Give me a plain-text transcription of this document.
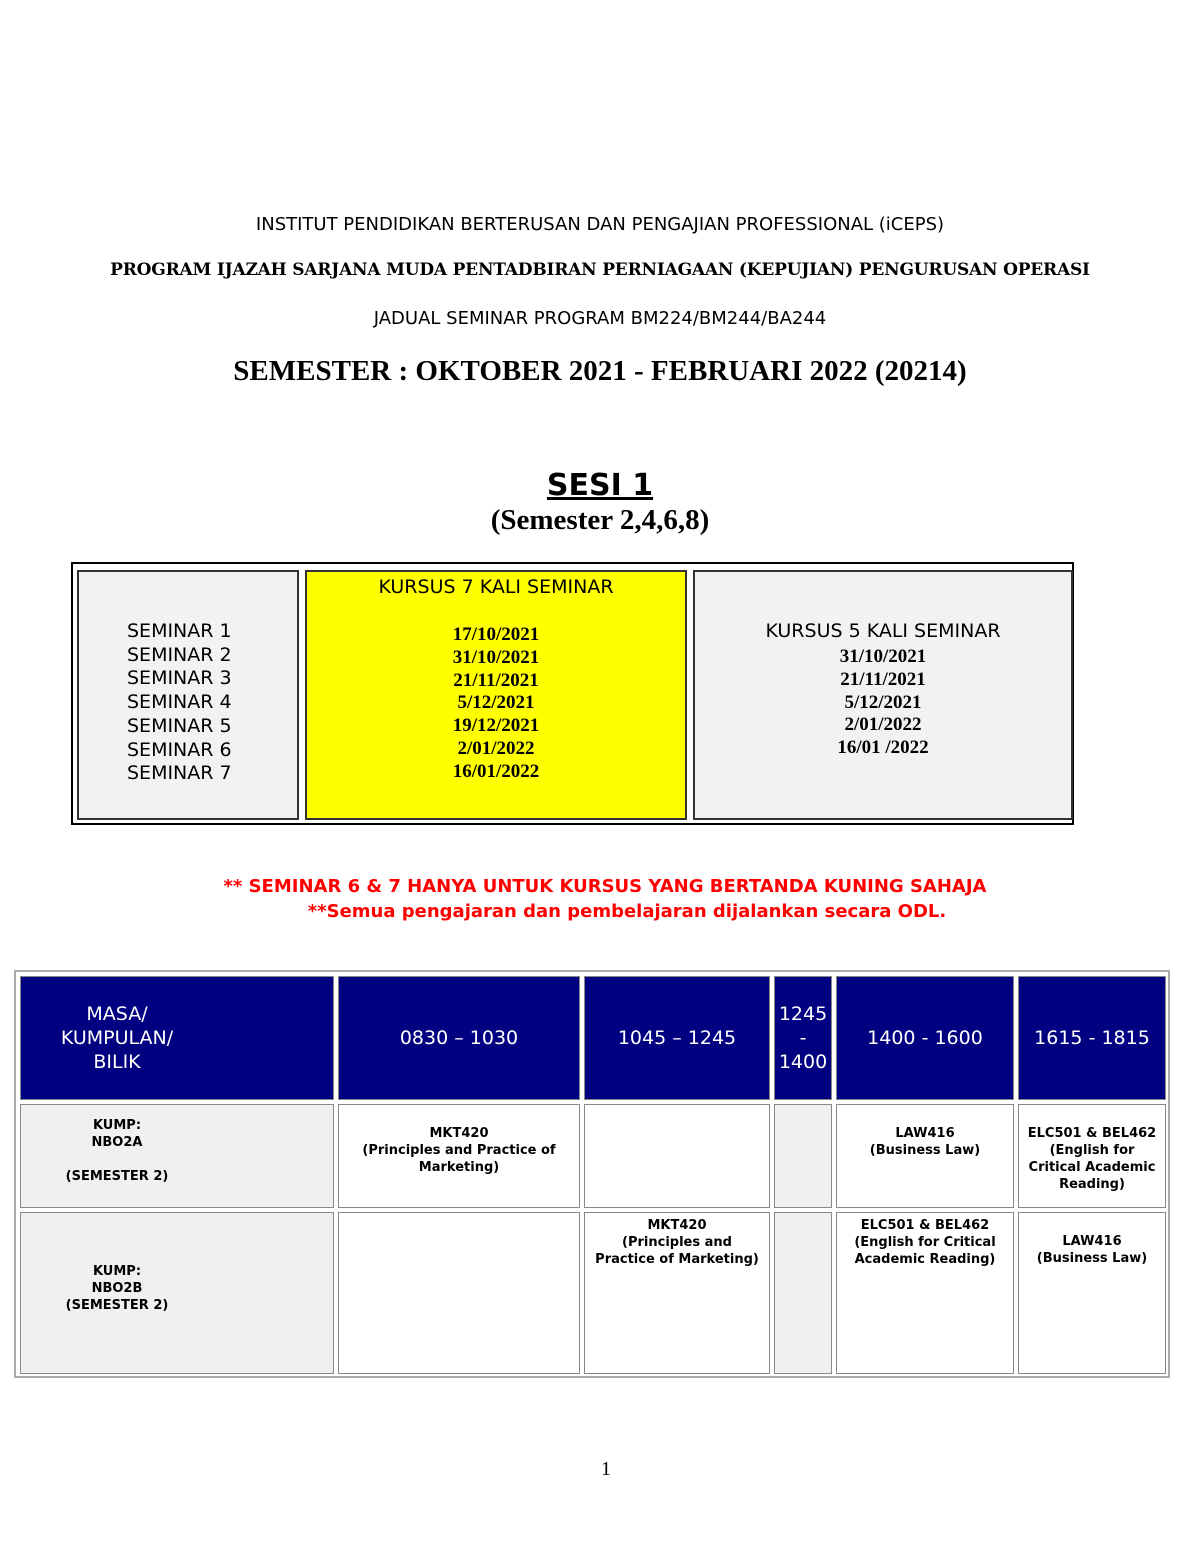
INSTITUT PENDIDIKAN BERTERUSAN DAN PENGAJIAN PROFESSIONAL (iCEPS)
PROGRAM IJAZAH SARJANA MUDA PENTADBIRAN PERNIAGAAN (KEPUJIAN) PENGURUSAN OPERASI
JADUAL SEMINAR PROGRAM BM224/BM244/BA244
SEMESTER : OKTOBER 2021 - FEBRUARI 2022 (20214)
SESI 1
(Semester 2,4,6,8)
SEMINAR 1
SEMINAR 2
SEMINAR 3
SEMINAR 4
SEMINAR 5
SEMINAR 6
SEMINAR 7
KURSUS 7 KALI SEMINAR
17/10/2021
31/10/2021
21/11/2021
5/12/2021
19/12/2021
2/01/2022
16/01/2022
KURSUS 5 KALI SEMINAR
31/10/2021
21/11/2021
5/12/2021
2/01/2022
16/01 /2022
** SEMINAR 6 & 7 HANYA UNTUK KURSUS YANG BERTANDA KUNING SAHAJA
**Semua pengajaran dan pembelajaran dijalankan secara ODL.
MASA/
KUMPULAN/
BILIK
0830 – 1030	1045 – 1245
1245
-
1400
1400 - 1600	1615 - 1815
KUMP:
NBO2A

(SEMESTER 2)
MKT420
(Principles and Practice of
Marketing)
LAW416
(Business Law)
ELC501 & BEL462
(English for
Critical Academic
Reading)
KUMP:
NBO2B
(SEMESTER 2)
MKT420
(Principles and
Practice of Marketing)
ELC501 & BEL462
(English for Critical
Academic Reading)
LAW416
(Business Law)
1
